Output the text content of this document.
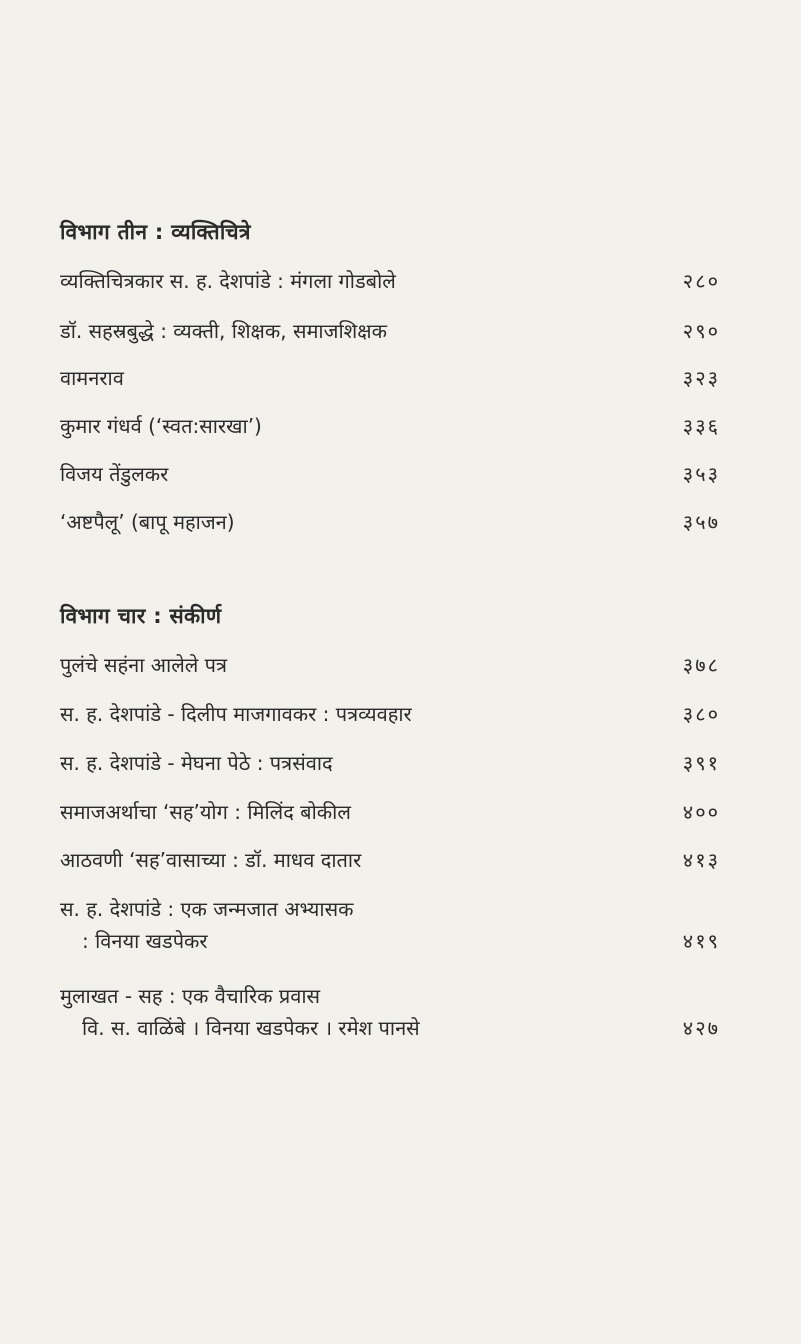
विभाग तीन : व्यक्तिचित्रे
व्यक्तिचित्रकार स. ह. देशपांडे : मंगला गोडबोले	२८०
डॉ. सहस्रबुद्धे : व्यक्ती, शिक्षक, समाजशिक्षक	२९०
वामनराव	३२३
कुमार गंधर्व (‘स्वत:सारखा’)	३३६
विजय तेंडुलकर	३५३
‘अष्टपैलू’ (बापू महाजन)	३५७
विभाग चार : संकीर्ण
पुलंचे सहंना आलेले पत्र	३७८
स. ह. देशपांडे - दिलीप माजगावकर : पत्रव्यवहार	३८०
स. ह. देशपांडे - मेघना पेठे : पत्रसंवाद	३९१
समाजअर्थाचा ‘सह’योग : मिलिंद बोकील	४००
आठवणी ‘सह’वासाच्या : डॉ. माधव दातार	४१३
स. ह. देशपांडे : एक जन्मजात अभ्यासक
: विनया खडपेकर	४१९
मुलाखत - सह : एक वैचारिक प्रवास
वि. स. वाळिंबे । विनया खडपेकर । रमेश पानसे	४२७
